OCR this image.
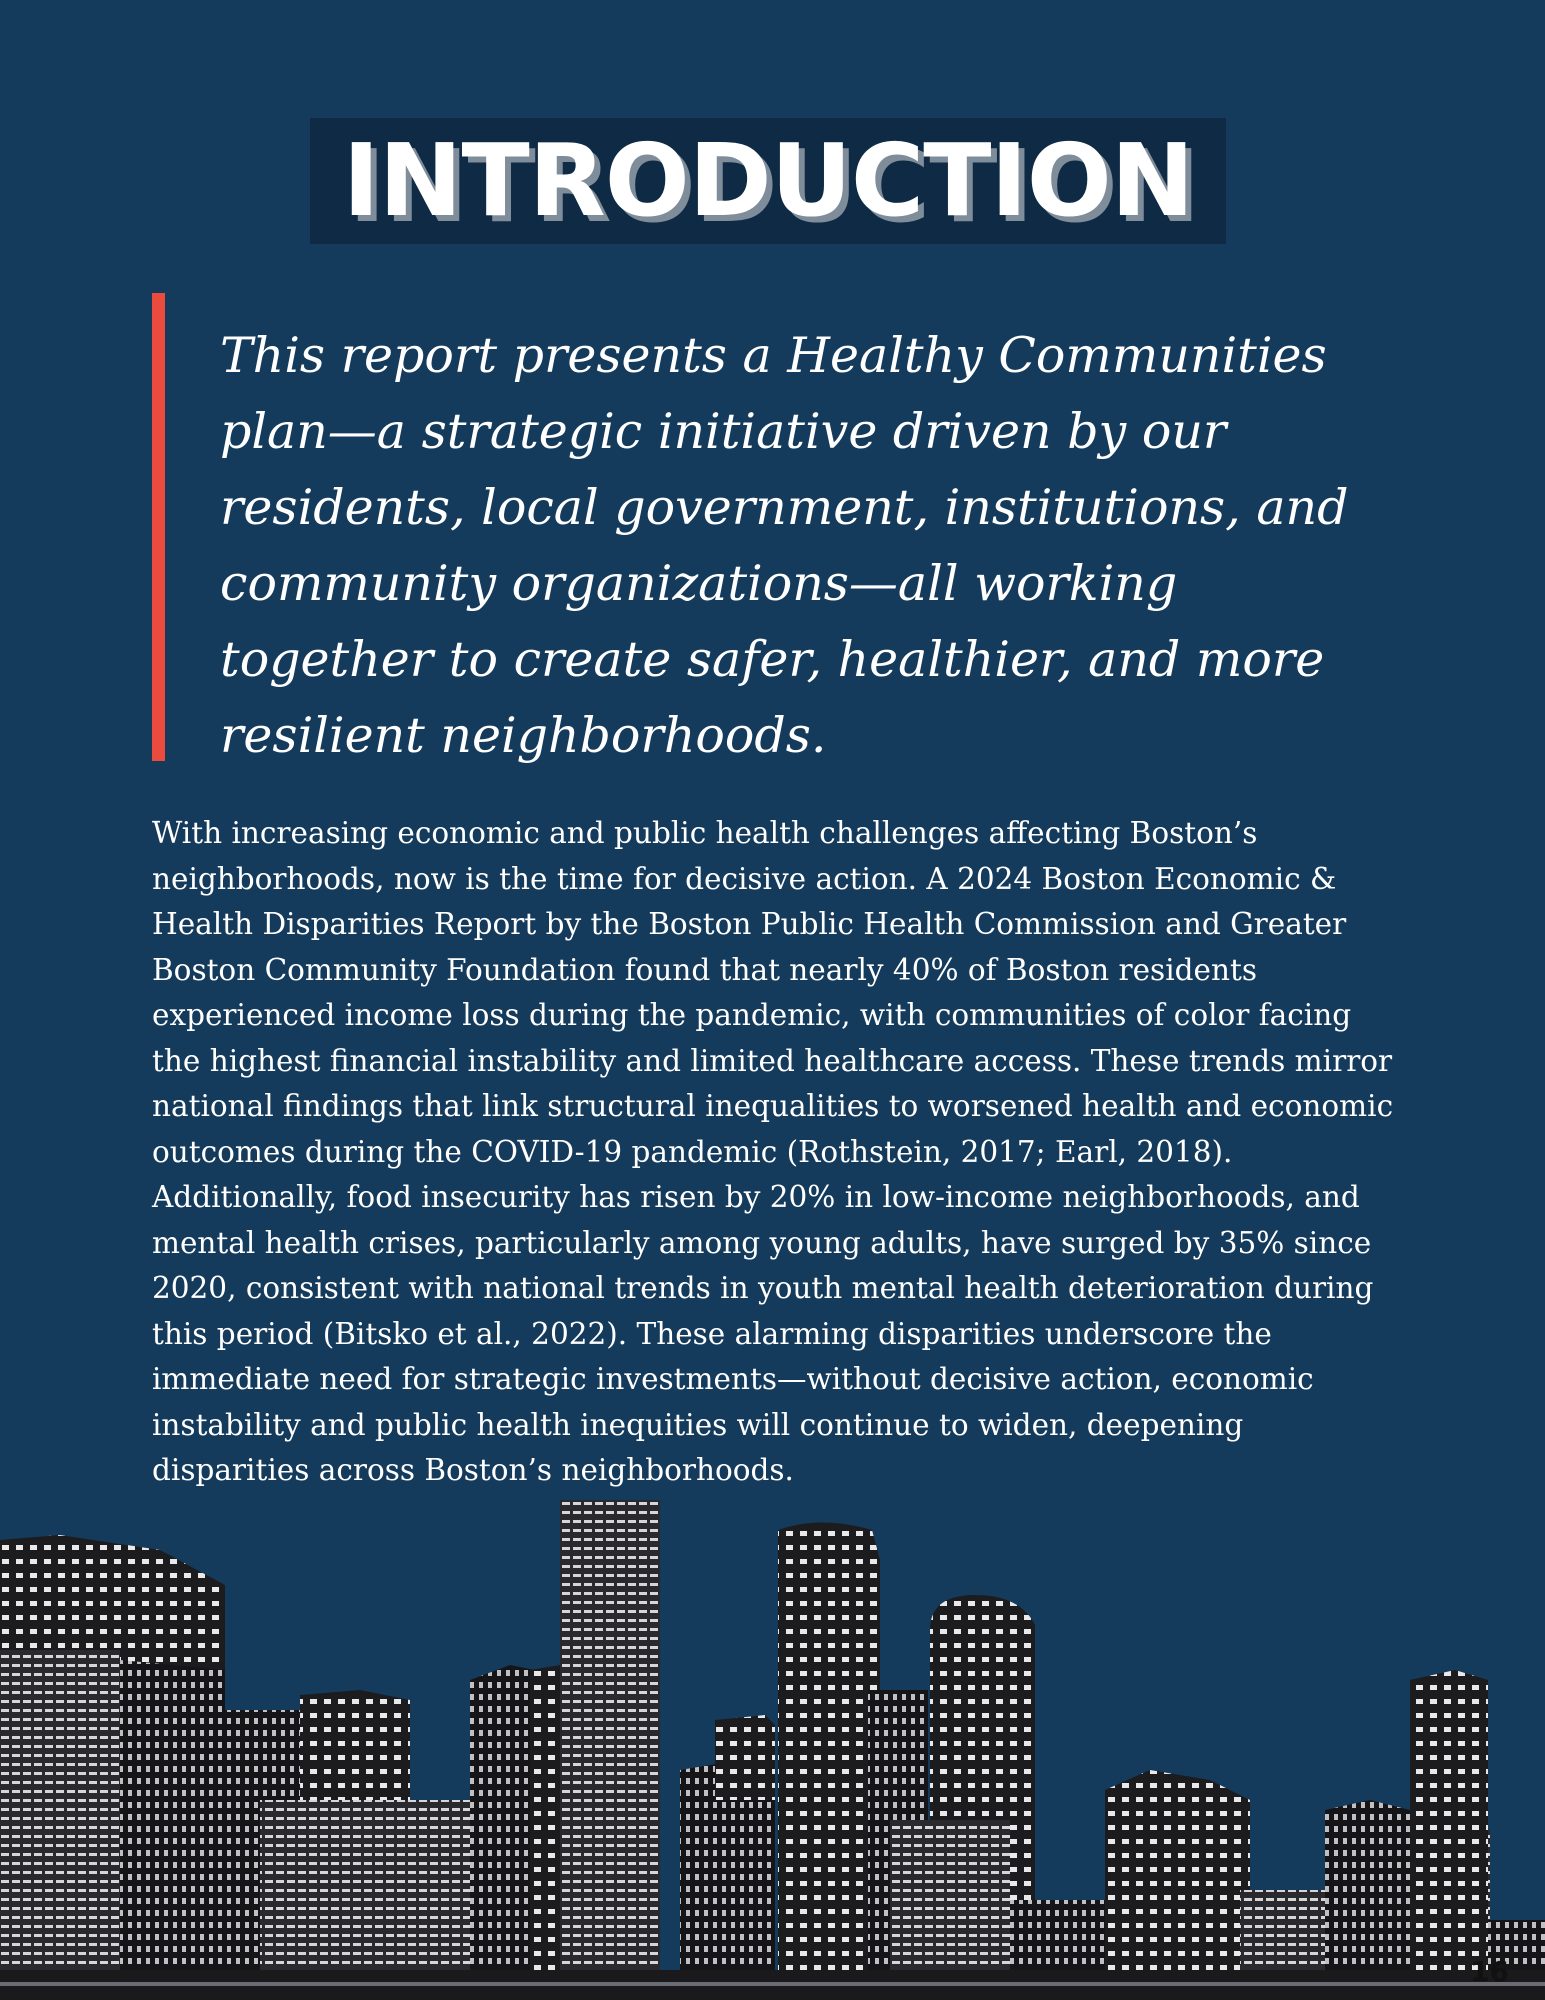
INTRODUCTION

This report presents a Healthy Communities plan—a strategic initiative driven by our residents, local government, institutions, and community organizations—all working together to create safer, healthier, and more resilient neighborhoods.

With increasing economic and public health challenges affecting Boston’s neighborhoods, now is the time for decisive action. A 2024 Boston Economic & Health Disparities Report by the Boston Public Health Commission and Greater Boston Community Foundation found that nearly 40% of Boston residents experienced income loss during the pandemic, with communities of color facing the highest financial instability and limited healthcare access. These trends mirror national findings that link structural inequalities to worsened health and economic outcomes during the COVID-19 pandemic (Rothstein, 2017; Earl, 2018). Additionally, food insecurity has risen by 20% in low-income neighborhoods, and mental health crises, particularly among young adults, have surged by 35% since 2020, consistent with national trends in youth mental health deterioration during this period (Bitsko et al., 2022). These alarming disparities underscore the immediate need for strategic investments—without decisive action, economic instability and public health inequities will continue to widen, deepening disparities across Boston’s neighborhoods.

16
